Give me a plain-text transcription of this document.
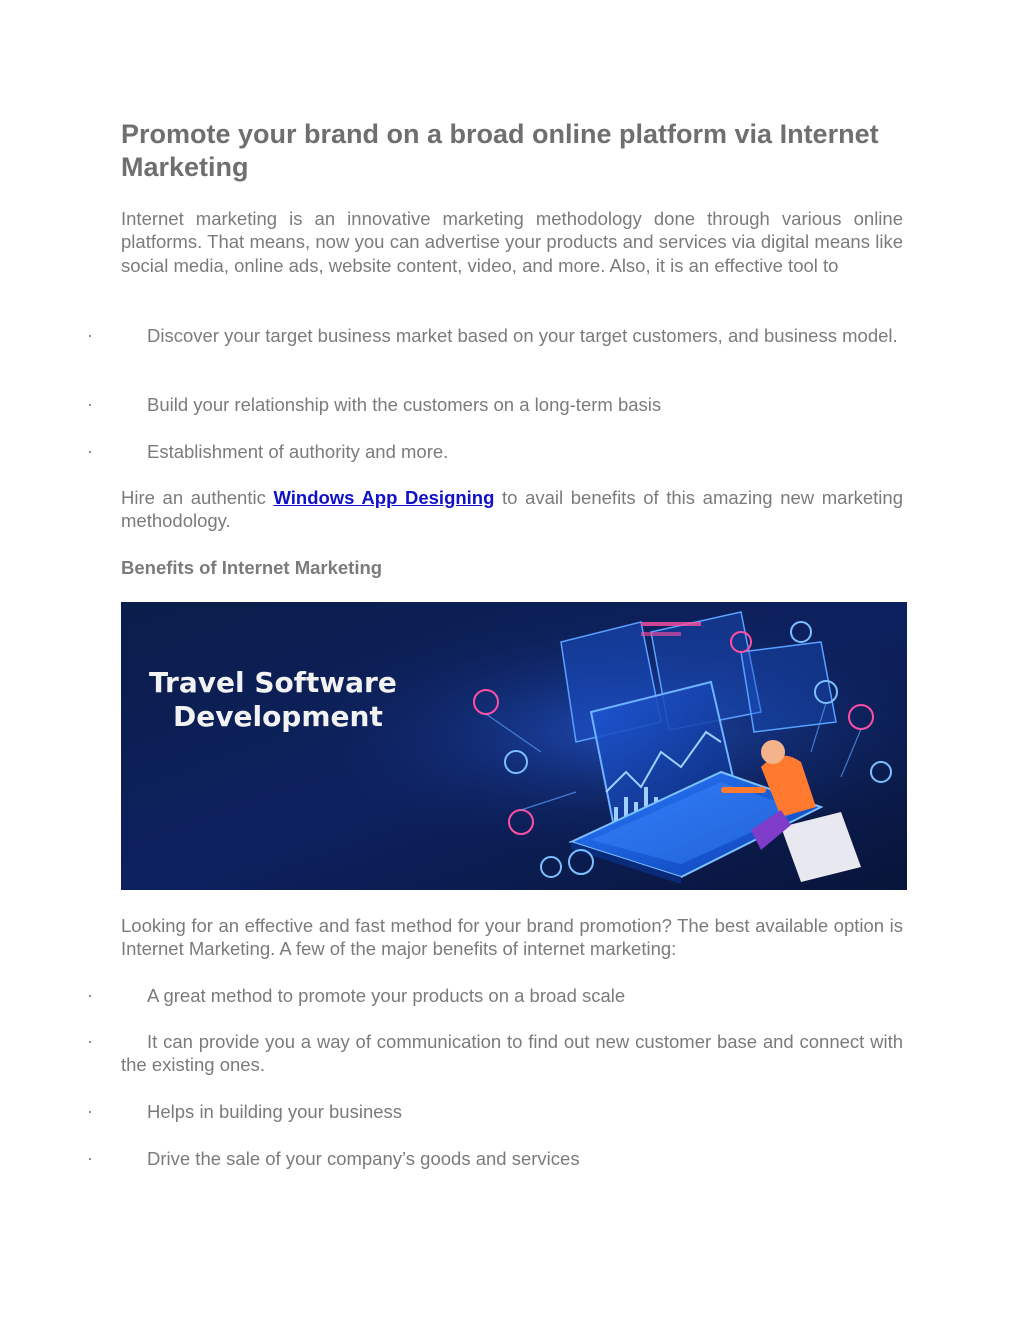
Promote your brand on a broad online platform via Internet Marketing

Internet marketing is an innovative marketing methodology done through various online platforms. That means, now you can advertise your products and services via digital means like social media, online ads, website content, video, and more. Also, it is an effective tool to

·	Discover your target business market based on your target customers, and business model.

·	Build your relationship with the customers on a long-term basis

·	Establishment of authority and more.

Hire an authentic Windows App Designing to avail benefits of this amazing new marketing methodology.

Benefits of Internet Marketing
Travel Software
Development

Looking for an effective and fast method for your brand promotion? The best available option is Internet Marketing. A few of the major benefits of internet marketing:

·	A great method to promote your products on a broad scale

·	It can provide you a way of communication to find out new customer base and connect with the existing ones.

·	Helps in building your business

·	Drive the sale of your company’s goods and services
